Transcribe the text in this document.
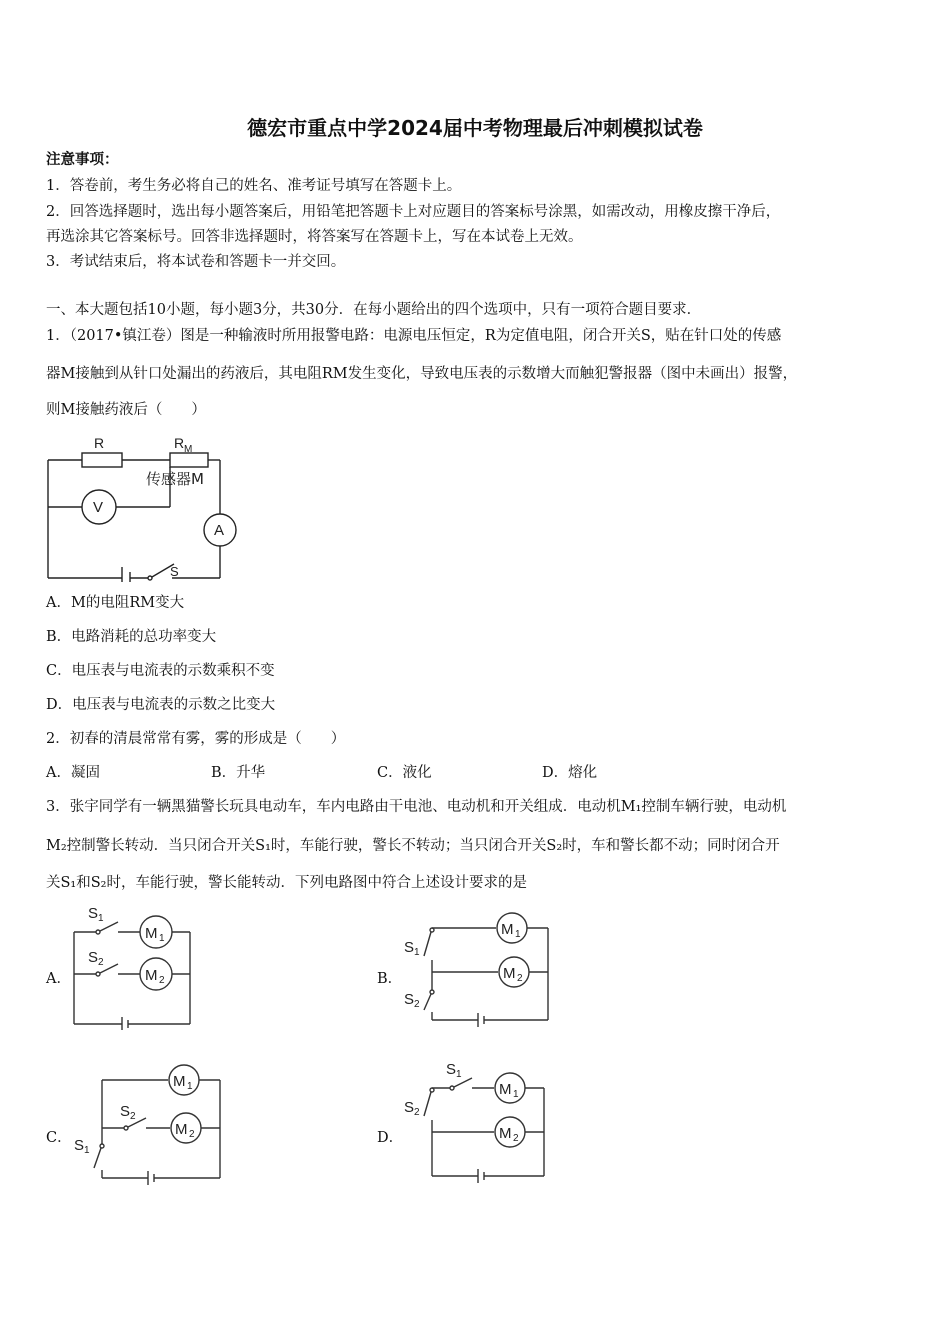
德宏市重点中学2024届中考物理最后冲刺模拟试卷
注意事项：
1．答卷前，考生务必将自己的姓名、准考证号填写在答题卡上。
2．回答选择题时，选出每小题答案后，用铅笔把答题卡上对应题目的答案标号涂黑，如需改动，用橡皮擦干净后，
再选涂其它答案标号。回答非选择题时，将答案写在答题卡上，写在本试卷上无效。
3．考试结束后，将本试卷和答题卡一并交回。
一、本大题包括10小题，每小题3分，共30分．在每小题给出的四个选项中，只有一项符合题目要求．
1．（2017•镇江卷）图是一种输液时所用报警电路：电源电压恒定，R为定值电阻，闭合开关S，贴在针口处的传感
器M接触到从针口处漏出的药液后，其电阻RM发生变化，导致电压表的示数增大而触犯警报器（图中未画出）报警，
则M接触药液后（　　）
R	R M
传感器M
V
A
S
A．M的电阻RM变大
B．电路消耗的总功率变大
C．电压表与电流表的示数乘积不变
D．电压表与电流表的示数之比变大
2．初春的清晨常常有雾，雾的形成是（　　）
A．凝固	B．升华	C．液化	D．熔化
3．张宇同学有一辆黑猫警长玩具电动车，车内电路由干电池、电动机和开关组成．电动机M₁控制车辆行驶，电动机
M₂控制警长转动．当只闭合开关S₁时，车能行驶，警长不转动；当只闭合开关S₂时，车和警长都不动；同时闭合开
关S₁和S₂时，车能行驶，警长能转动．下列电路图中符合上述设计要求的是
A．	B．
C．	D．
S 1
S 2
M 1
M 2
S 1
S 2
M 1
M 2
S 2
S 1
M 1
M 2
S 1
S 2
M 1
M 2
